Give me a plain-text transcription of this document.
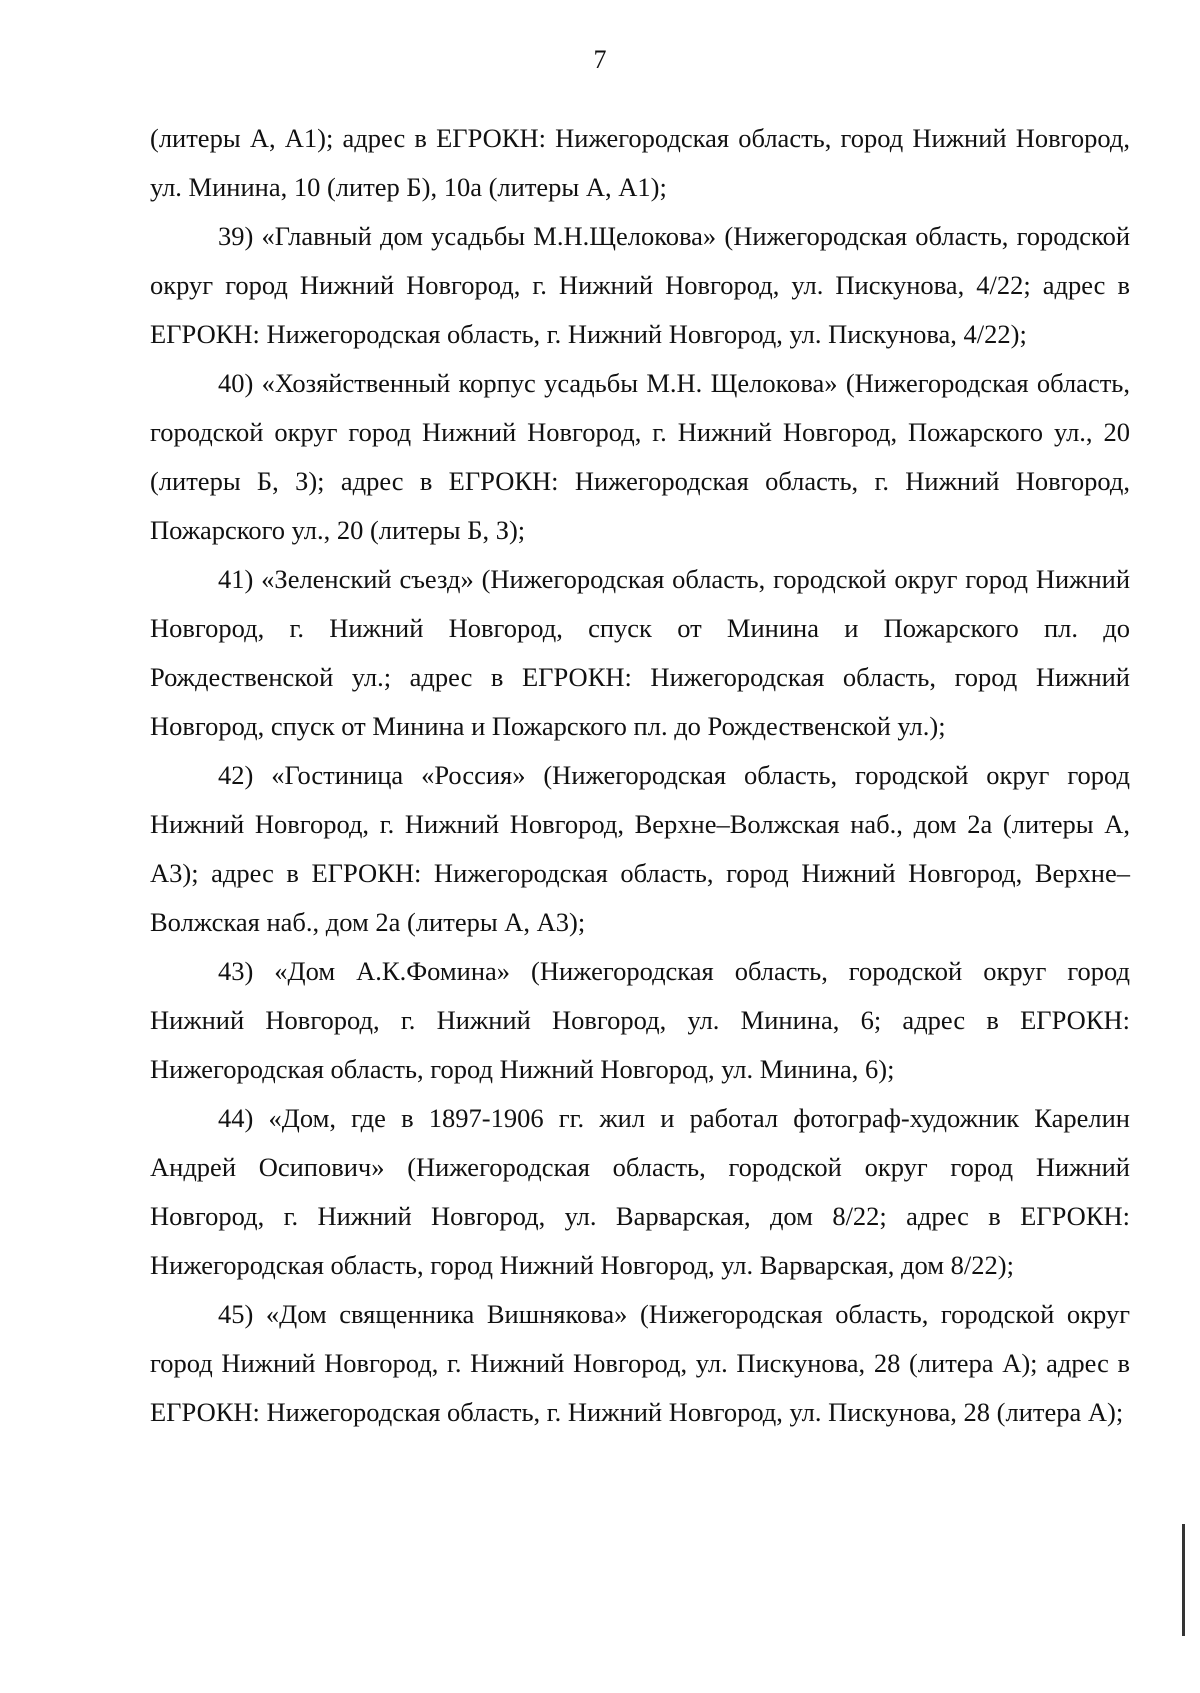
7

(литеры А, А1); адрес в ЕГРОКН: Нижегородская область, город Нижний Новгород, ул. Минина, 10 (литер Б), 10а (литеры А, А1);

39) «Главный дом усадьбы М.Н.Щелокова» (Нижегородская область, городской округ город Нижний Новгород, г. Нижний Новгород, ул. Пискунова, 4/22; адрес в ЕГРОКН: Нижегородская область, г. Нижний Новгород, ул. Пискунова, 4/22);

40) «Хозяйственный корпус усадьбы М.Н. Щелокова» (Нижегородская область, городской округ город Нижний Новгород, г. Нижний Новгород, Пожарского ул., 20 (литеры Б, З); адрес в ЕГРОКН: Нижегородская область, г. Нижний Новгород, Пожарского ул., 20 (литеры Б, З);

41) «Зеленский съезд» (Нижегородская область, городской округ город Нижний Новгород, г. Нижний Новгород, спуск от Минина и Пожарского пл. до Рождественской ул.; адрес в ЕГРОКН: Нижегородская область, город Нижний Новгород, спуск от Минина и Пожарского пл. до Рождественской ул.);

42) «Гостиница «Россия» (Нижегородская область, городской округ город Нижний Новгород, г. Нижний Новгород, Верхне–Волжская наб., дом 2а (литеры А, А3); адрес в ЕГРОКН: Нижегородская область, город Нижний Новгород, Верхне–Волжская наб., дом 2а (литеры А, А3);

43) «Дом А.К.Фомина» (Нижегородская область, городской округ город Нижний Новгород, г. Нижний Новгород, ул. Минина, 6; адрес в ЕГРОКН: Нижегородская область, город Нижний Новгород, ул. Минина, 6);

44) «Дом, где в 1897-1906 гг. жил и работал фотограф-художник Карелин Андрей Осипович» (Нижегородская область, городской округ город Нижний Новгород, г. Нижний Новгород, ул. Варварская, дом 8/22; адрес в ЕГРОКН: Нижегородская область, город Нижний Новгород, ул. Варварская, дом 8/22);

45) «Дом священника Вишнякова» (Нижегородская область, городской округ город Нижний Новгород, г. Нижний Новгород, ул. Пискунова, 28 (литера А); адрес в ЕГРОКН: Нижегородская область, г. Нижний Новгород, ул. Пискунова, 28 (литера А);
